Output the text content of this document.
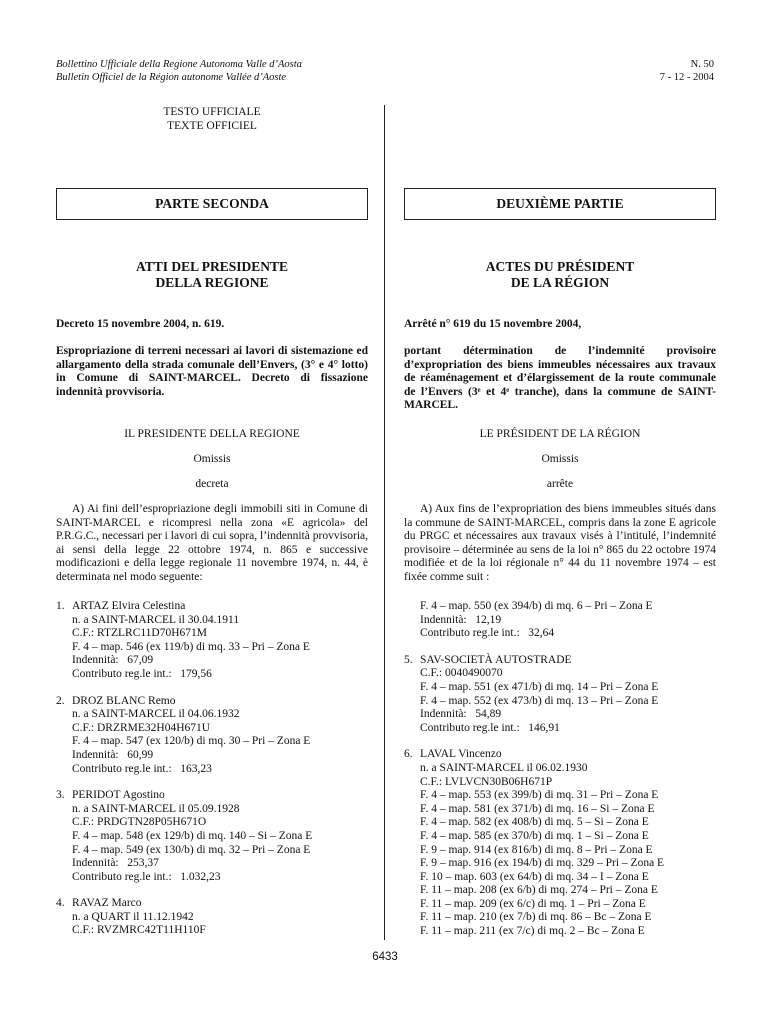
Bollettino Ufficiale della Regione Autonoma Valle d’Aosta
Bulletin Officiel de la Région autonome Vallée d’Aoste
N. 50
7 - 12 - 2004
TESTO UFFICIALE
TEXTE OFFICIEL
PARTE SECONDA	DEUXIÈME PARTIE
ATTI DEL PRESIDENTE
DELLA REGIONE
ACTES DU PRÉSIDENT
DE LA RÉGION
Decreto 15 novembre 2004, n. 619.
Espropriazione di terreni necessari ai lavori di sistemazione ed allargamento della strada comunale dell’Envers, (3° e 4° lotto) in Comune di SAINT-MARCEL. Decreto di fissazione indennità provvisoria.
IL PRESIDENTE DELLA REGIONE
Omissis
decreta
A) Ai fini dell’espropriazione degli immobili siti in Comune di SAINT-MARCEL e ricompresi nella zona «E agricola» del P.R.G.C., necessari per i lavori di cui sopra, l’indennità provvisoria, ai sensi della legge 22 ottobre 1974, n. 865 e successive modificazioni e della legge regionale 11 novembre 1974, n. 44, è determinata nel modo seguente:
1. ARTAZ Elvira Celestina
n. a SAINT-MARCEL il 30.04.1911
C.F.: RTZLRC11D70H671M
F. 4 – map. 546 (ex 119/b) di mq. 33 – Pri – Zona E
Indennità:   67,09
Contributo reg.le int.:   179,56
2. DROZ BLANC Remo
n. a SAINT-MARCEL il 04.06.1932
C.F.: DRZRME32H04H671U
F. 4 – map. 547 (ex 120/b) di mq. 30 – Pri – Zona E
Indennità:   60,99
Contributo reg.le int.:   163,23
3. PERIDOT Agostino
n. a SAINT-MARCEL il 05.09.1928
C.F.: PRDGTN28P05H671O
F. 4 – map. 548 (ex 129/b) di mq. 140 – Si – Zona E
F. 4 – map. 549 (ex 130/b) di mq. 32 – Pri – Zona E
Indennità:   253,37
Contributo reg.le int.:   1.032,23
4. RAVAZ Marco
n. a QUART il 11.12.1942
C.F.: RVZMRC42T11H110F
Arrêté n° 619 du 15 novembre 2004,
portant détermination de l’indemnité provisoire d’expropriation des biens immeubles nécessaires aux travaux de réaménagement et d’élargissement de la route communale de l’Envers (3ᵉ et 4ᵉ tranche), dans la commune de SAINT-MARCEL.
LE PRÉSIDENT DE LA RÉGION
Omissis
arrête
A) Aux fins de l’expropriation des biens immeubles situés dans la commune de SAINT-MARCEL, compris dans la zone E agricole du PRGC et nécessaires aux travaux visés à l’intitulé, l’indemnité provisoire – déterminée au sens de la loi n° 865 du 22 octobre 1974 modifiée et de la loi régionale n° 44 du 11 novembre 1974 – est fixée comme suit :
F. 4 – map. 550 (ex 394/b) di mq. 6 – Pri – Zona E
Indennità:   12,19
Contributo reg.le int.:   32,64
5. SAV-SOCIETÀ AUTOSTRADE
C.F.: 0040490070
F. 4 – map. 551 (ex 471/b) di mq. 14 – Pri – Zona E
F. 4 – map. 552 (ex 473/b) di mq. 13 – Pri – Zona E
Indennità:   54,89
Contributo reg.le int.:   146,91
6. LAVAL Vincenzo
n. a SAINT-MARCEL il 06.02.1930
C.F.: LVLVCN30B06H671P
F. 4 – map. 553 (ex 399/b) di mq. 31 – Pri – Zona E
F. 4 – map. 581 (ex 371/b) di mq. 16 – Si – Zona E
F. 4 – map. 582 (ex 408/b) di mq. 5 – Si – Zona E
F. 4 – map. 585 (ex 370/b) di mq. 1 – Si – Zona E
F. 9 – map. 914 (ex 816/b) di mq. 8 – Pri – Zona E
F. 9 – map. 916 (ex 194/b) di mq. 329 – Pri – Zona E
F. 10 – map. 603 (ex 64/b) di mq. 34 – I – Zona E
F. 11 – map. 208 (ex 6/b) di mq. 274 – Pri – Zona E
F. 11 – map. 209 (ex 6/c) di mq. 1 – Pri – Zona E
F. 11 – map. 210 (ex 7/b) di mq. 86 – Bc – Zona E
F. 11 – map. 211 (ex 7/c) di mq. 2 – Bc – Zona E
6433
